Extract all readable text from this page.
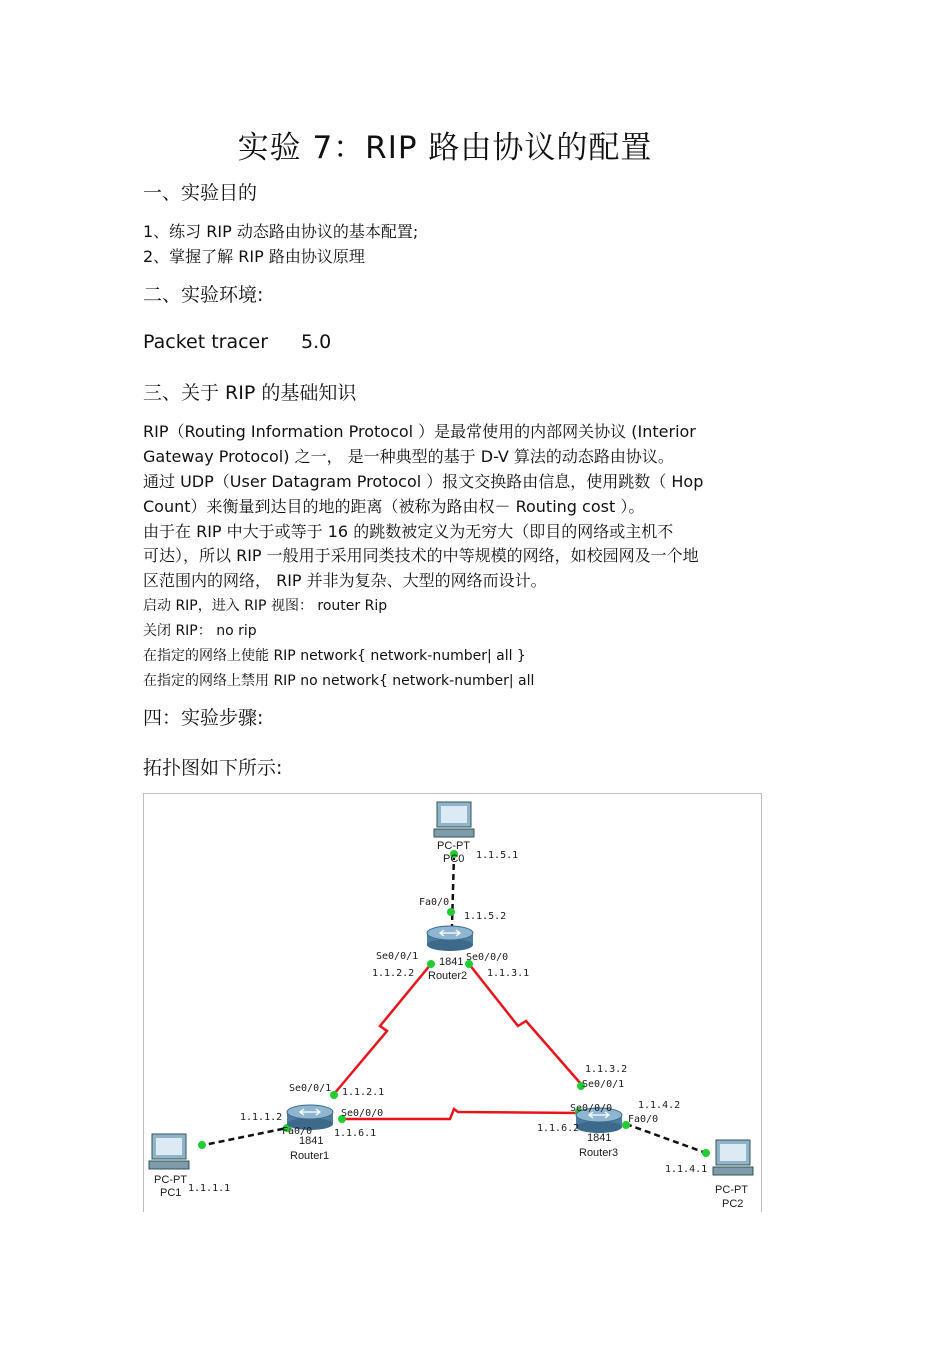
实验 7：RIP 路由协议的配置
一、实验目的
1、练习 RIP 动态路由协议的基本配置;
2、掌握了解 RIP 路由协议原理
二、实验环境:
Packet tracer 5.0
三、关于 RIP 的基础知识
RIP（Routing Information Protocol ）是最常使用的内部网关协议 (Interior
Gateway Protocol) 之一， 是一种典型的基于 D-V 算法的动态路由协议。
通过 UDP（User Datagram Protocol ）报文交换路由信息，使用跳数（ Hop
Count）来衡量到达目的地的距离（被称为路由权－ Routing cost ）。
由于在 RIP 中大于或等于 16 的跳数被定义为无穷大（即目的网络或主机不
可达），所以 RIP 一般用于采用同类技术的中等规模的网络，如校园网及一个地
区范围内的网络， RIP 并非为复杂、大型的网络而设计。
启动 RIP，进入 RIP 视图： router Rip
关闭 RIP： no rip
在指定的网络上使能 RIP network{ network-number| all }
在指定的网络上禁用 RIP no network{ network-number| all
四：实验步骤:
拓扑图如下所示:
PC-PT
PC0 1.1.5.1
Fa0/0
1.1.5.2
Se0/0/1
1.1.2.2
Se0/0/0
1.1.3.1
1841
Router2
Se0/0/1 1.1.2.1
Se0/0/0
1.1.6.1
1.1.1.2
Fa0/0
1841
Router1
1.1.3.2
Se0/0/1
Se0/0/0
1.1.6.2
1.1.4.2
Fa0/0
1841
Router3
PC-PT
PC1 1.1.1.1
1.1.4.1
PC-PT
PC2
